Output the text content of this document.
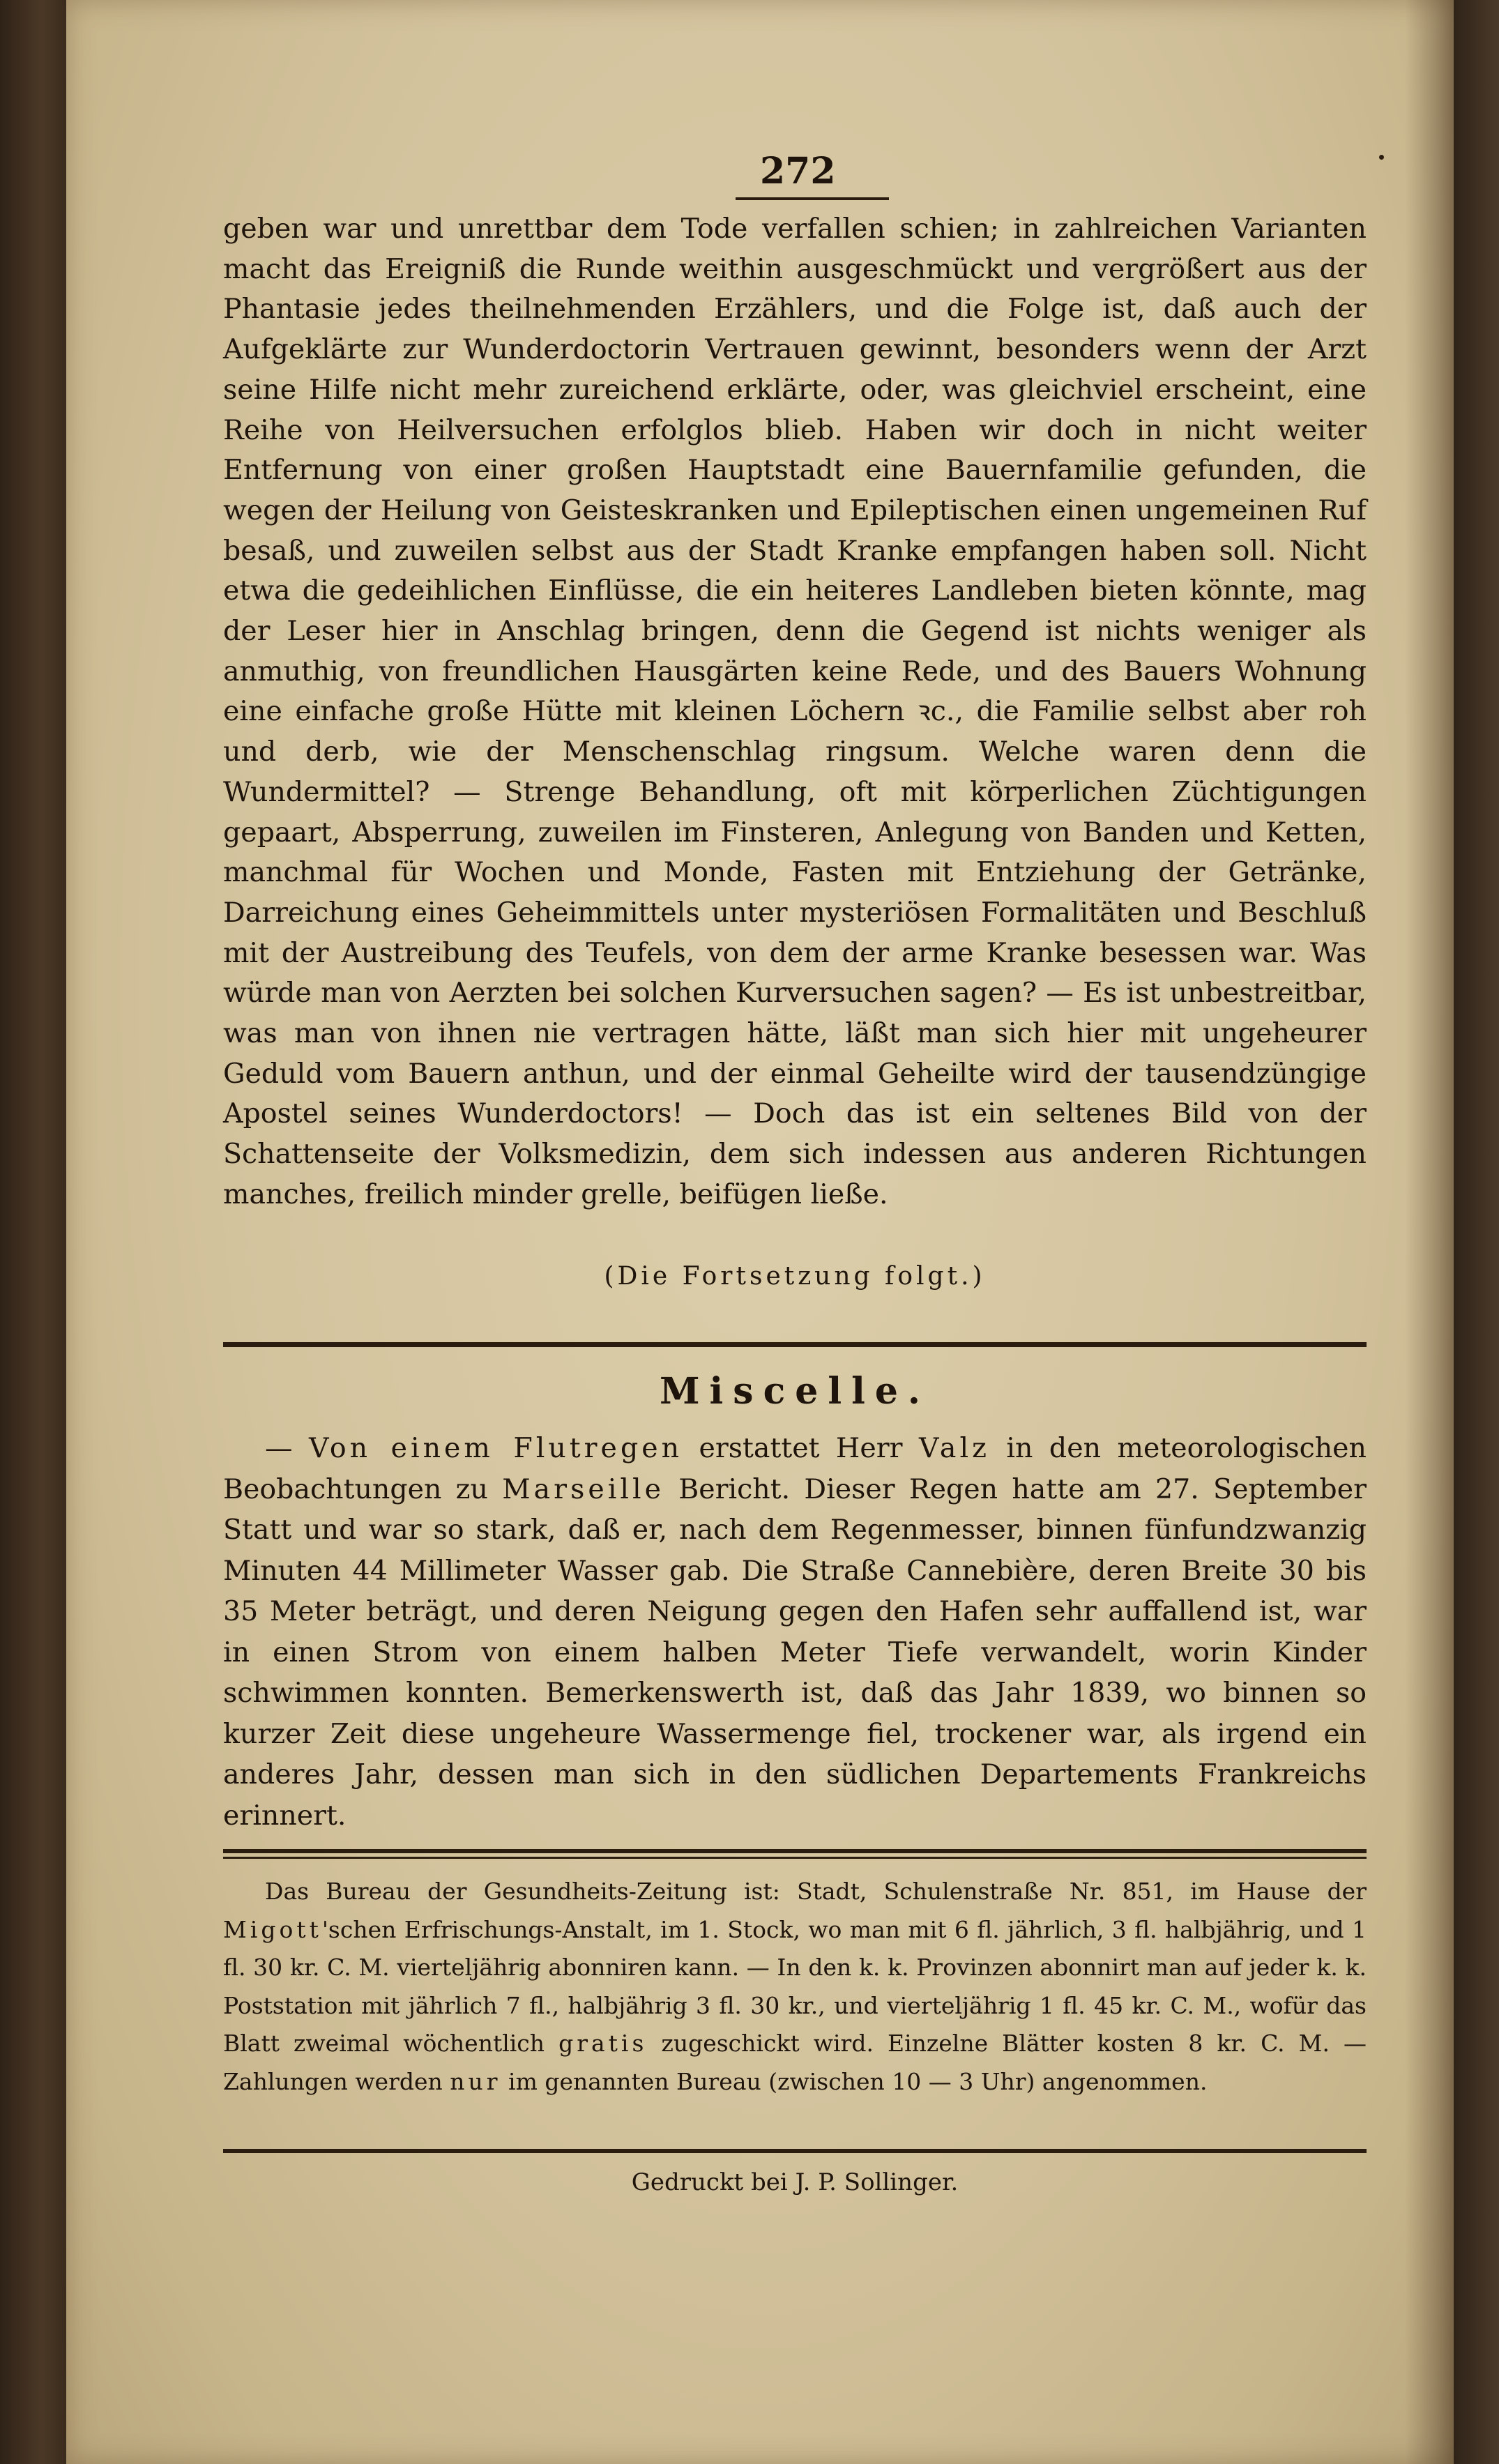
272

geben war und unrettbar dem Tode verfallen schien; in zahlreichen Varianten macht das Ereigniß die Runde weithin ausgeschmückt und vergrößert aus der Phantasie jedes theilnehmenden Erzählers, und die Folge ist, daß auch der Aufgeklärte zur Wunderdoctorin Vertrauen gewinnt, besonders wenn der Arzt seine Hilfe nicht mehr zureichend erklärte, oder, was gleichviel erscheint, eine Reihe von Heilversuchen erfolglos blieb. Haben wir doch in nicht weiter Entfernung von einer großen Hauptstadt eine Bauernfamilie gefunden, die wegen der Heilung von Geisteskranken und Epileptischen einen ungemeinen Ruf besaß, und zuweilen selbst aus der Stadt Kranke empfangen haben soll. Nicht etwa die gedeihlichen Einflüsse, die ein heiteres Landleben bieten könnte, mag der Leser hier in Anschlag bringen, denn die Gegend ist nichts weniger als anmuthig, von freundlichen Hausgärten keine Rede, und des Bauers Wohnung eine einfache große Hütte mit kleinen Löchern ꝛc., die Familie selbst aber roh und derb, wie der Menschenschlag ringsum. Welche waren denn die Wundermittel? — Strenge Behandlung, oft mit körperlichen Züchtigungen gepaart, Absperrung, zuweilen im Finsteren, Anlegung von Banden und Ketten, manchmal für Wochen und Monde, Fasten mit Entziehung der Getränke, Darreichung eines Geheimmittels unter mysteriösen Formalitäten und Beschluß mit der Austreibung des Teufels, von dem der arme Kranke besessen war. Was würde man von Aerzten bei solchen Kurversuchen sagen? — Es ist unbestreitbar, was man von ihnen nie vertragen hätte, läßt man sich hier mit ungeheurer Geduld vom Bauern anthun, und der einmal Geheilte wird der tausendzüngige Apostel seines Wunderdoctors! — Doch das ist ein seltenes Bild von der Schattenseite der Volksmedizin, dem sich indessen aus anderen Richtungen manches, freilich minder grelle, beifügen ließe.

(Die Fortsetzung folgt.)
Miscelle.

— Von einem Flutregen erstattet Herr Valz in den meteorologischen Beobachtungen zu Marseille Bericht. Dieser Regen hatte am 27. September Statt und war so stark, daß er, nach dem Regenmesser, binnen fünfundzwanzig Minuten 44 Millimeter Wasser gab. Die Straße Cannebière, deren Breite 30 bis 35 Meter beträgt, und deren Neigung gegen den Hafen sehr auffallend ist, war in einen Strom von einem halben Meter Tiefe verwandelt, worin Kinder schwimmen konnten. Bemerkenswerth ist, daß das Jahr 1839, wo binnen so kurzer Zeit diese ungeheure Wassermenge fiel, trockener war, als irgend ein anderes Jahr, dessen man sich in den südlichen Departements Frankreichs erinnert.

Das Bureau der Gesundheits-Zeitung ist: Stadt, Schulenstraße Nr. 851, im Hause der Migott'schen Erfrischungs-Anstalt, im 1. Stock, wo man mit 6 fl. jährlich, 3 fl. halbjährig, und 1 fl. 30 kr. C. M. vierteljährig abonniren kann. — In den k. k. Provinzen abonnirt man auf jeder k. k. Poststation mit jährlich 7 fl., halbjährig 3 fl. 30 kr., und vierteljährig 1 fl. 45 kr. C. M., wofür das Blatt zweimal wöchentlich gratis zugeschickt wird. Einzelne Blätter kosten 8 kr. C. M. — Zahlungen werden nur im genannten Bureau (zwischen 10 — 3 Uhr) angenommen.

Gedruckt bei J. P. Sollinger.
